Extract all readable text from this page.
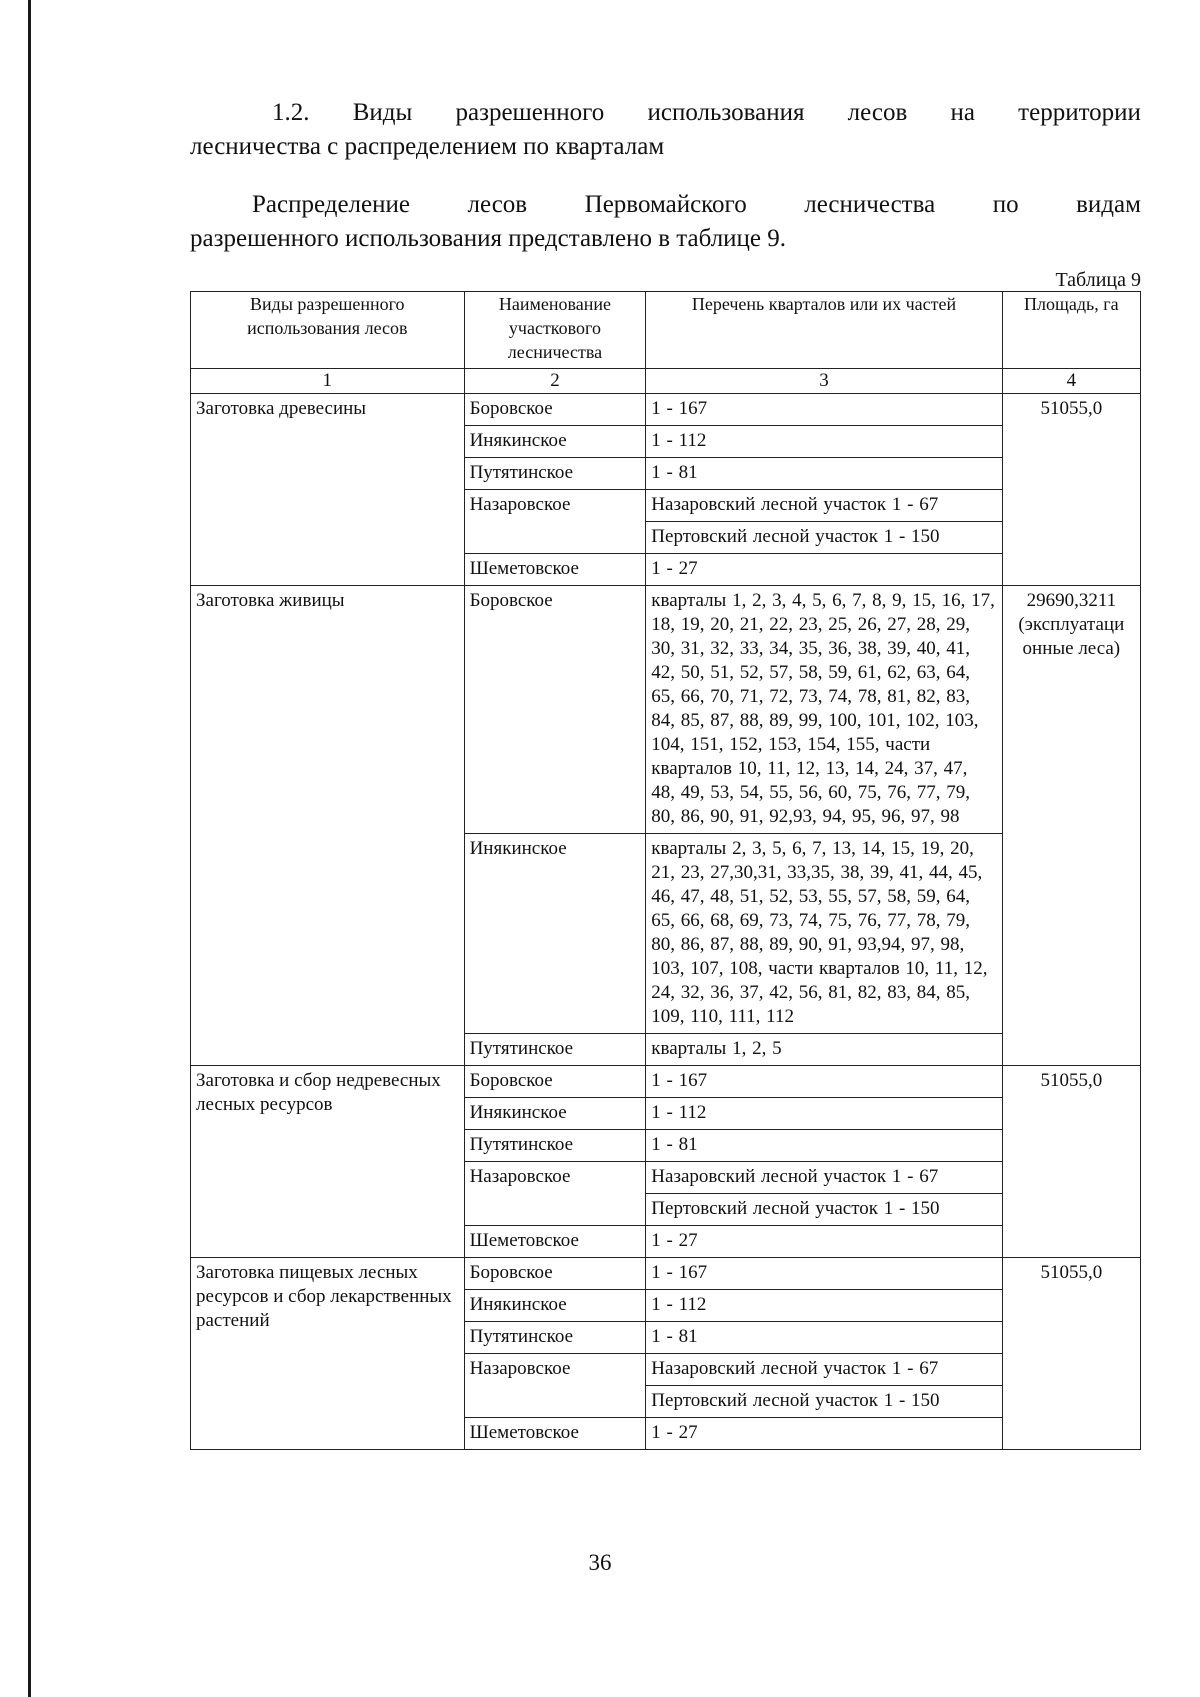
1.2. Виды разрешенного использования лесов на территории
лесничества с распределением по кварталам
Распределение лесов Первомайского лесничества по видам
разрешенного использования представлено в таблице 9.
Таблица 9
Виды разрешенного использования лесов	Наименование участкового лесничества	Перечень кварталов или их частей	Площадь, га
1	2	3	4
Заготовка древесины	Боровское	1 - 167	51055,0
	Инякинское	1 - 112	
	Путятинское	1 - 81	
	Назаровское	Назаровский лесной участок 1 - 67	
		Пертовский лесной участок 1 - 150	
	Шеметовское	1 - 27	
Заготовка живицы	Боровское	кварталы 1, 2, 3, 4, 5, 6, 7, 8, 9, 15, 16, 17, 18, 19, 20, 21, 22, 23, 25, 26, 27, 28, 29, 30, 31, 32, 33, 34, 35, 36, 38, 39, 40, 41, 42, 50, 51, 52, 57, 58, 59, 61, 62, 63, 64, 65, 66, 70, 71, 72, 73, 74, 78, 81, 82, 83, 84, 85, 87, 88, 89, 99, 100, 101, 102, 103, 104, 151, 152, 153, 154, 155, части кварталов 10, 11, 12, 13, 14, 24, 37, 47, 48, 49, 53, 54, 55, 56, 60, 75, 76, 77, 79, 80, 86, 90, 91, 92,93, 94, 95, 96, 97, 98	29690,3211 (эксплуатаци онные леса)
	Инякинское	кварталы 2, 3, 5, 6, 7, 13, 14, 15, 19, 20, 21, 23, 27,30,31, 33,35, 38, 39, 41, 44, 45, 46, 47, 48, 51, 52, 53, 55, 57, 58, 59, 64, 65, 66, 68, 69, 73, 74, 75, 76, 77, 78, 79, 80, 86, 87, 88, 89, 90, 91, 93,94, 97, 98, 103, 107, 108, части кварталов 10, 11, 12, 24, 32, 36, 37, 42, 56, 81, 82, 83, 84, 85, 109, 110, 111, 112	
	Путятинское	кварталы 1, 2, 5	
Заготовка и сбор недревесных лесных ресурсов	Боровское	1 - 167	51055,0
	Инякинское	1 - 112	
	Путятинское	1 - 81	
	Назаровское	Назаровский лесной участок 1 - 67	
		Пертовский лесной участок 1 - 150	
	Шеметовское	1 - 27	
Заготовка пищевых лесных ресурсов и сбор лекарственных растений	Боровское	1 - 167	51055,0
	Инякинское	1 - 112	
	Путятинское	1 - 81	
	Назаровское	Назаровский лесной участок 1 - 67	
		Пертовский лесной участок 1 - 150	
	Шеметовское	1 - 27	
36
